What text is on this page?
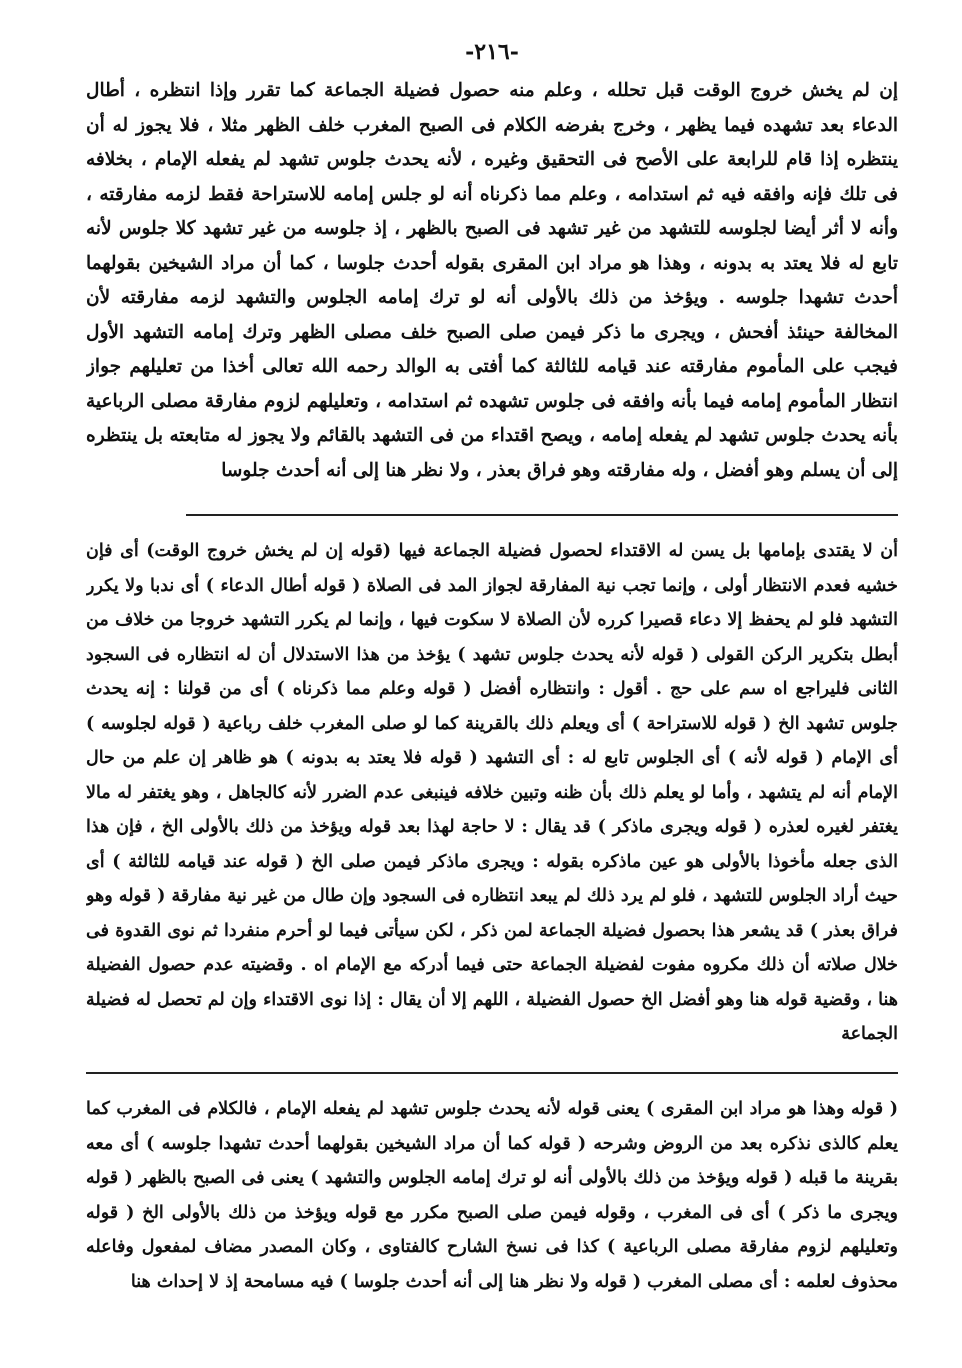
-٢١٦-

إن لم يخش خروج الوقت قبل تحلله ، وعلم منه حصول فضيلة الجماعة كما تقرر وإذا انتظره ، أطال الدعاء بعد تشهده فيما يظهر ، وخرج بفرضه الكلام فى الصبح المغرب خلف الظهر مثلا ، فلا يجوز له أن ينتظره إذا قام للرابعة على الأصح فى التحقيق وغيره ، لأنه يحدث جلوس تشهد لم يفعله الإمام ، بخلافه فى تلك فإنه وافقه فيه ثم استدامه ، وعلم مما ذكرناه أنه لو جلس إمامه للاستراحة فقط لزمه مفارقته ، وأنه لا أثر أيضا لجلوسه للتشهد من غير تشهد فى الصبح بالظهر ، إذ جلوسه من غير تشهد كلا جلوس لأنه تابع له فلا يعتد به بدونه ، وهذا هو مراد ابن المقرى بقوله أحدث جلوسا ، كما أن مراد الشيخين بقولهما أحدث تشهدا جلوسه . ويؤخذ من ذلك بالأولى أنه لو ترك إمامه الجلوس والتشهد لزمه مفارقته لأن المخالفة حينئذ أفحش ، ويجرى ما ذكر فيمن صلى الصبح خلف مصلى الظهر وترك إمامه التشهد الأول فيجب على المأموم مفارقته عند قيامه للثالثة كما أفتى به الوالد رحمه الله تعالى أخذا من تعليلهم جواز انتظار المأموم إمامه فيما بأنه وافقه فى جلوس تشهده ثم استدامه ، وتعليلهم لزوم مفارقة مصلى الرباعية بأنه يحدث جلوس تشهد لم يفعله إمامه ، ويصح اقتداء من فى التشهد بالقائم ولا يجوز له متابعته بل ينتظره إلى أن يسلم وهو أفضل ، وله مفارقته وهو فراق بعذر ، ولا نظر هنا إلى أنه أحدث جلوسا

أن لا يقتدى بإمامها بل يسن له الاقتداء لحصول فضيلة الجماعة فيها (قوله إن لم يخش خروج الوقت) أى فإن خشيه فعدم الانتظار أولى ، وإنما تجب نية المفارقة لجواز المد فى الصلاة ( قوله أطال الدعاء ) أى ندبا ولا يكرر التشهد فلو لم يحفظ إلا دعاء قصيرا كرره لأن الصلاة لا سكوت فيها ، وإنما لم يكرر التشهد خروجا من خلاف من أبطل بتكرير الركن القولى ( قوله لأنه يحدث جلوس تشهد ) يؤخذ من هذا الاستدلال أن له انتظاره فى السجود الثانى فليراجع اه سم على حج . أقول : وانتظاره أفضل ( قوله وعلم مما ذكرناه ) أى من قولنا : إنه يحدث جلوس تشهد الخ ( قوله للاستراحة ) أى ويعلم ذلك بالقرينة كما لو صلى المغرب خلف رباعية ( قوله لجلوسه ) أى الإمام ( قوله لأنه ) أى الجلوس تابع له : أى التشهد ( قوله فلا يعتد به بدونه ) هو ظاهر إن علم من حال الإمام أنه لم يتشهد ، وأما لو يعلم ذلك بأن ظنه وتبين خلافه فينبغى عدم الضرر لأنه كالجاهل ، وهو يغتفر له مالا يغتفر لغيره لعذره ( قوله ويجرى ماذكر ) قد يقال : لا حاجة لهذا بعد قوله ويؤخذ من ذلك بالأولى الخ ، فإن هذا الذى جعله مأخوذا بالأولى هو عين ماذكره بقوله : ويجرى ماذكر فيمن صلى الخ ( قوله عند قيامه للثالثة ) أى حيث أراد الجلوس للتشهد ، فلو لم يرد ذلك لم يبعد انتظاره فى السجود وإن طال من غير نية مفارقة ( قوله وهو فراق بعذر ) قد يشعر هذا بحصول فضيلة الجماعة لمن ذكر ، لكن سيأتى فيما لو أحرم منفردا ثم نوى القدوة فى خلال صلاته أن ذلك مكروه مفوت لفضيلة الجماعة حتى فيما أدركه مع الإمام اه . وقضيته عدم حصول الفضيلة هنا ، وقضية قوله هنا وهو أفضل الخ حصول الفضيلة ، اللهم إلا أن يقال : إذا نوى الاقتداء وإن لم تحصل له فضيلة الجماعة

( قوله وهذا هو مراد ابن المقرى ) يعنى قوله لأنه يحدث جلوس تشهد لم يفعله الإمام ، فالكلام فى المغرب كما يعلم كالذى نذكره بعد من الروض وشرحه ( قوله كما أن مراد الشيخين بقولهما أحدث تشهدا جلوسه ) أى معه بقرينة ما قبله ( قوله ويؤخذ من ذلك بالأولى أنه لو ترك إمامه الجلوس والتشهد ) يعنى فى الصبح بالظهر ( قوله ويجرى ما ذكر ) أى فى المغرب ، وقوله فيمن صلى الصبح مكرر مع قوله ويؤخذ من ذلك بالأولى الخ ( قوله وتعليلهم لزوم مفارقة مصلى الرباعية ) كذا فى نسخ الشارح كالفتاوى ، وكان المصدر مضاف لمفعول وفاعله محذوف لعلمه : أى مصلى المغرب ( قوله ولا نظر هنا إلى أنه أحدث جلوسا ) فيه مسامحة إذ لا إحداث هنا
